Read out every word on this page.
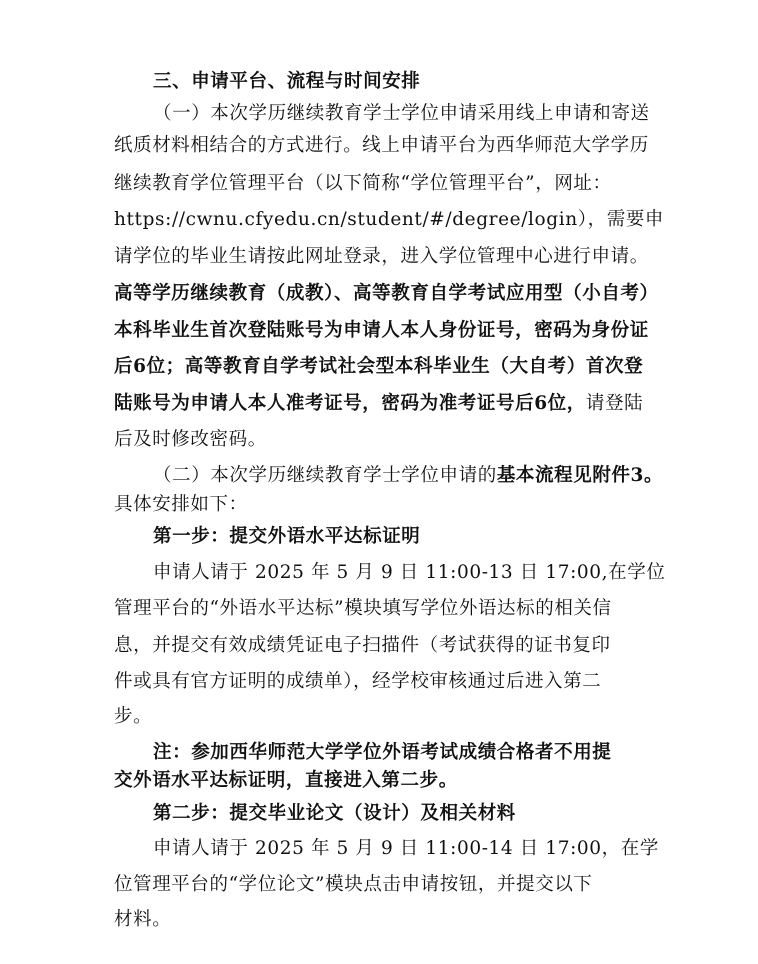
三、申请平台、流程与时间安排
（一）本次学历继续教育学士学位申请采用线上申请和寄送
纸质材料相结合的方式进行。线上申请平台为西华师范大学学历
继续教育学位管理平台（以下简称“学位管理平台”，网址：
https://cwnu.cfyedu.cn/student/#/degree/login），需要申
请学位的毕业生请按此网址登录，进入学位管理中心进行申请。
高等学历继续教育（成教）、高等教育自学考试应用型（小自考）
本科毕业生首次登陆账号为申请人本人身份证号，密码为身份证
后6位；高等教育自学考试社会型本科毕业生（大自考）首次登
陆账号为申请人本人准考证号，密码为准考证号后6位，请登陆
后及时修改密码。
（二）本次学历继续教育学士学位申请的基本流程见附件3。
具体安排如下：
第一步：提交外语水平达标证明
申请人请于 2025 年 5 月 9 日 11:00-13 日 17:00,在学位
管理平台的“外语水平达标”模块填写学位外语达标的相关信
息，并提交有效成绩凭证电子扫描件（考试获得的证书复印
件或具有官方证明的成绩单），经学校审核通过后进入第二
步。
注：参加西华师范大学学位外语考试成绩合格者不用提
交外语水平达标证明，直接进入第二步。
第二步：提交毕业论文（设计）及相关材料
申请人请于 2025 年 5 月 9 日 11:00-14 日 17:00，在学
位管理平台的“学位论文”模块点击申请按钮，并提交以下
材料。
